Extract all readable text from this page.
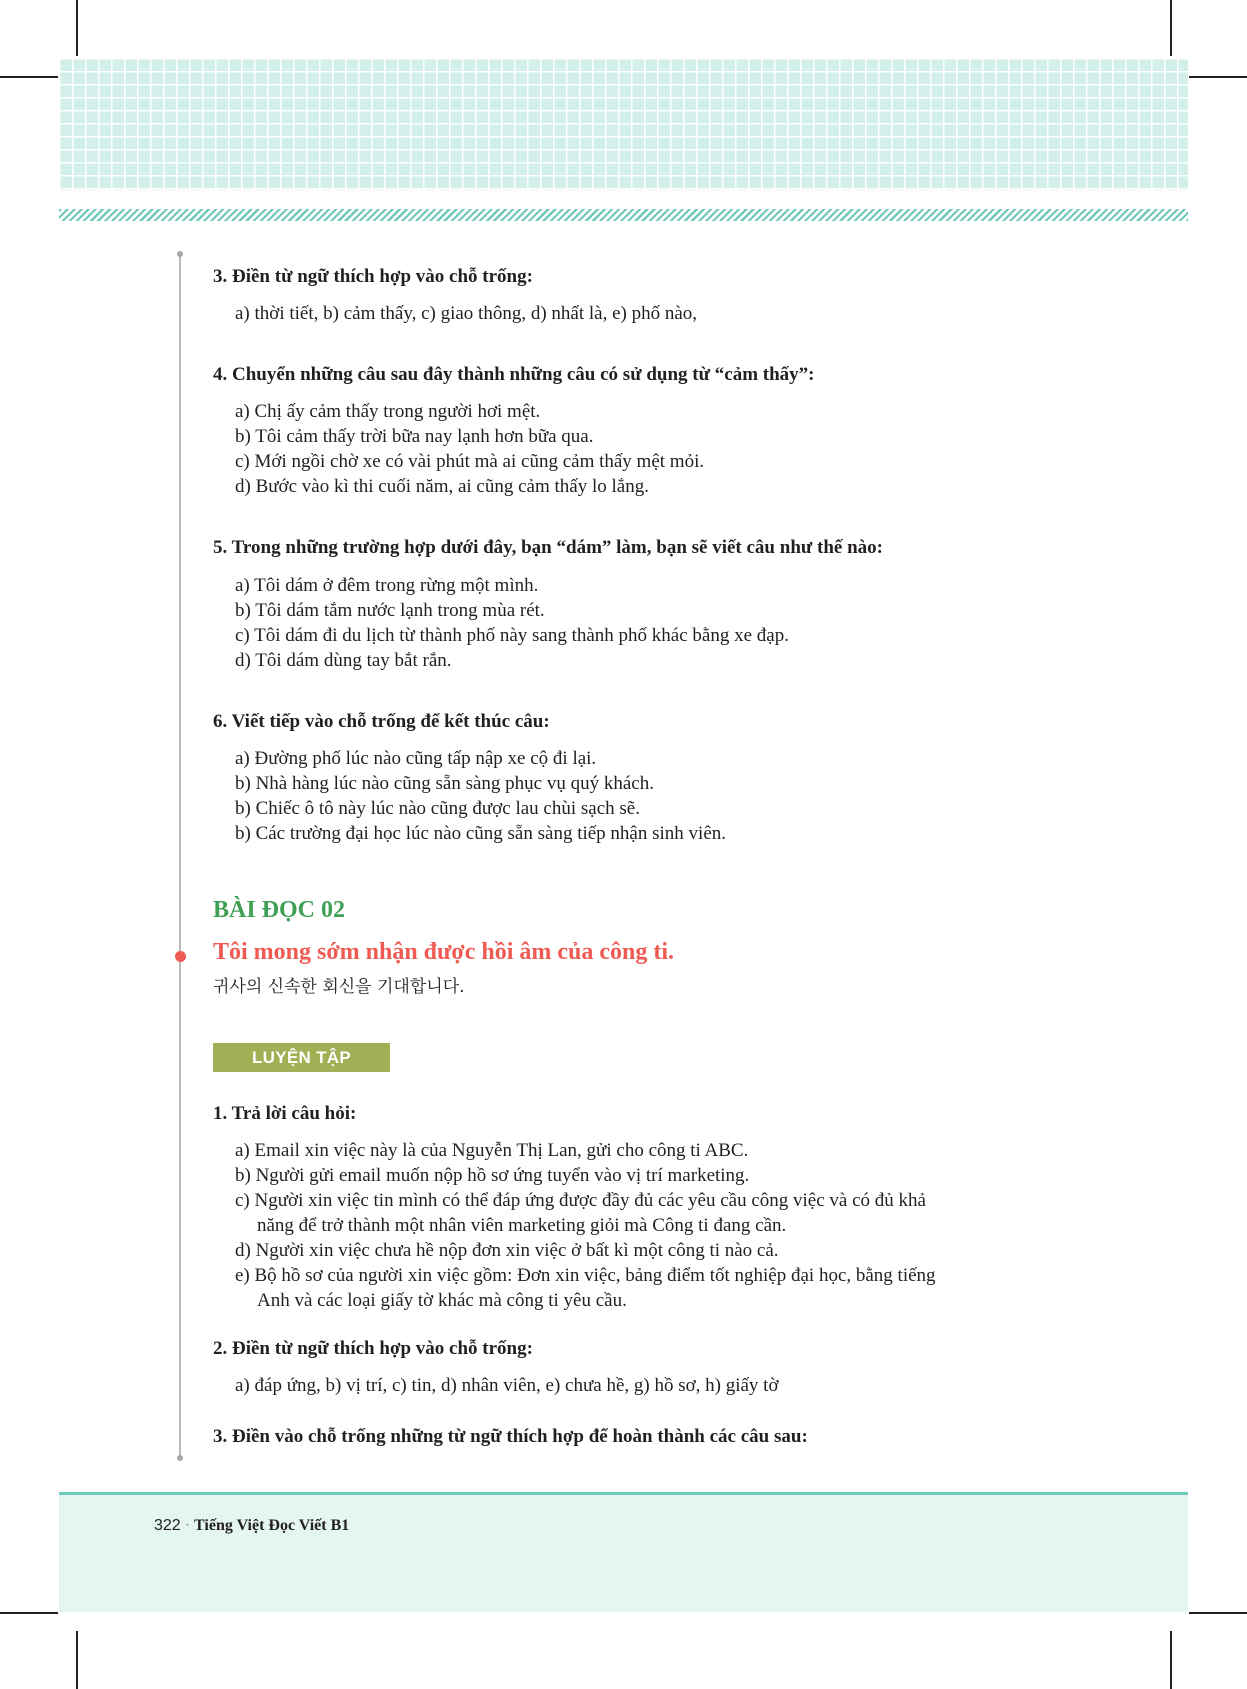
3. Điền từ ngữ thích hợp vào chỗ trống:
a) thời tiết, b) cảm thấy, c) giao thông, d) nhất là, e) phố nào,
4. Chuyển những câu sau đây thành những câu có sử dụng từ “cảm thấy”:
a) Chị ấy cảm thấy trong người hơi mệt.
b) Tôi cảm thấy trời bữa nay lạnh hơn bữa qua.
c) Mới ngồi chờ xe có vài phút mà ai cũng cảm thấy mệt mỏi.
d) Bước vào kì thi cuối năm, ai cũng cảm thấy lo lắng.
5. Trong những trường hợp dưới đây, bạn “dám” làm, bạn sẽ viết câu như thế nào:
a) Tôi dám ở đêm trong rừng một mình.
b) Tôi dám tắm nước lạnh trong mùa rét.
c) Tôi dám đi du lịch từ thành phố này sang thành phố khác bằng xe đạp.
d) Tôi dám dùng tay bắt rắn.
6. Viết tiếp vào chỗ trống để kết thúc câu:
a) Đường phố lúc nào cũng tấp nập xe cộ đi lại.
b) Nhà hàng lúc nào cũng sẵn sàng phục vụ quý khách.
b) Chiếc ô tô này lúc nào cũng được lau chùi sạch sẽ.
b) Các trường đại học lúc nào cũng sẵn sàng tiếp nhận sinh viên.
BÀI ĐỌC 02
Tôi mong sớm nhận được hồi âm của công ti.
귀사의 신속한 회신을 기대합니다.
LUYỆN TẬP
1. Trả lời câu hỏi:
a) Email xin việc này là của Nguyễn Thị Lan, gửi cho công ti ABC.
b) Người gửi email muốn nộp hồ sơ ứng tuyển vào vị trí marketing.
c) Người xin việc tin mình có thể đáp ứng được đầy đủ các yêu cầu công việc và có đủ khả
năng để trở thành một nhân viên marketing giỏi mà Công ti đang cần.
d) Người xin việc chưa hề nộp đơn xin việc ở bất kì một công ti nào cả.
e) Bộ hồ sơ của người xin việc gồm: Đơn xin việc, bảng điểm tốt nghiệp đại học, bằng tiếng
Anh và các loại giấy tờ khác mà công ti yêu cầu.
2. Điền từ ngữ thích hợp vào chỗ trống:
a) đáp ứng, b) vị trí, c) tin, d) nhân viên, e) chưa hề, g) hồ sơ, h) giấy tờ
3. Điền vào chỗ trống những từ ngữ thích hợp để hoàn thành các câu sau:
322 · Tiếng Việt Đọc Viết B1
